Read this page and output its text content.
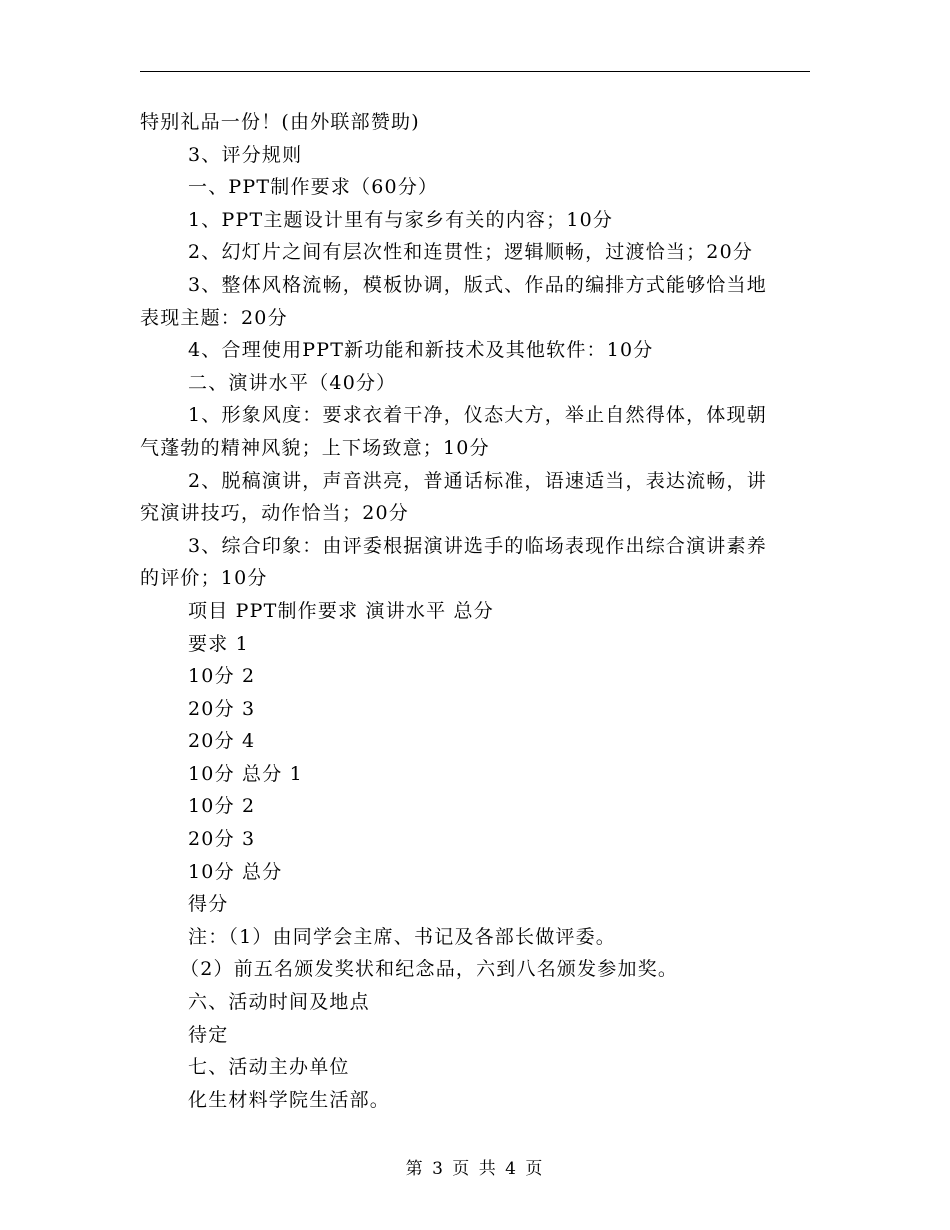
特别礼品一份！(由外联部赞助)
3、评分规则
一、PPT制作要求（60分）
1、PPT主题设计里有与家乡有关的内容；10分
2、幻灯片之间有层次性和连贯性；逻辑顺畅，过渡恰当；20分
3、整体风格流畅，模板协调，版式、作品的编排方式能够恰当地
表现主题：20分
4、合理使用PPT新功能和新技术及其他软件：10分
二、演讲水平（40分）
1、形象风度：要求衣着干净，仪态大方，举止自然得体，体现朝
气蓬勃的精神风貌；上下场致意；10分
2、脱稿演讲，声音洪亮，普通话标准，语速适当，表达流畅，讲
究演讲技巧，动作恰当；20分
3、综合印象：由评委根据演讲选手的临场表现作出综合演讲素养
的评价；10分
项目 PPT制作要求 演讲水平 总分
要求 1
10分 2
20分 3
20分 4
10分 总分 1
10分 2
20分 3
10分 总分
得分
注：（1）由同学会主席、书记及各部长做评委。
（2）前五名颁发奖状和纪念品，六到八名颁发参加奖。
六、活动时间及地点
待定
七、活动主办单位
化生材料学院生活部。
第 3 页 共 4 页
